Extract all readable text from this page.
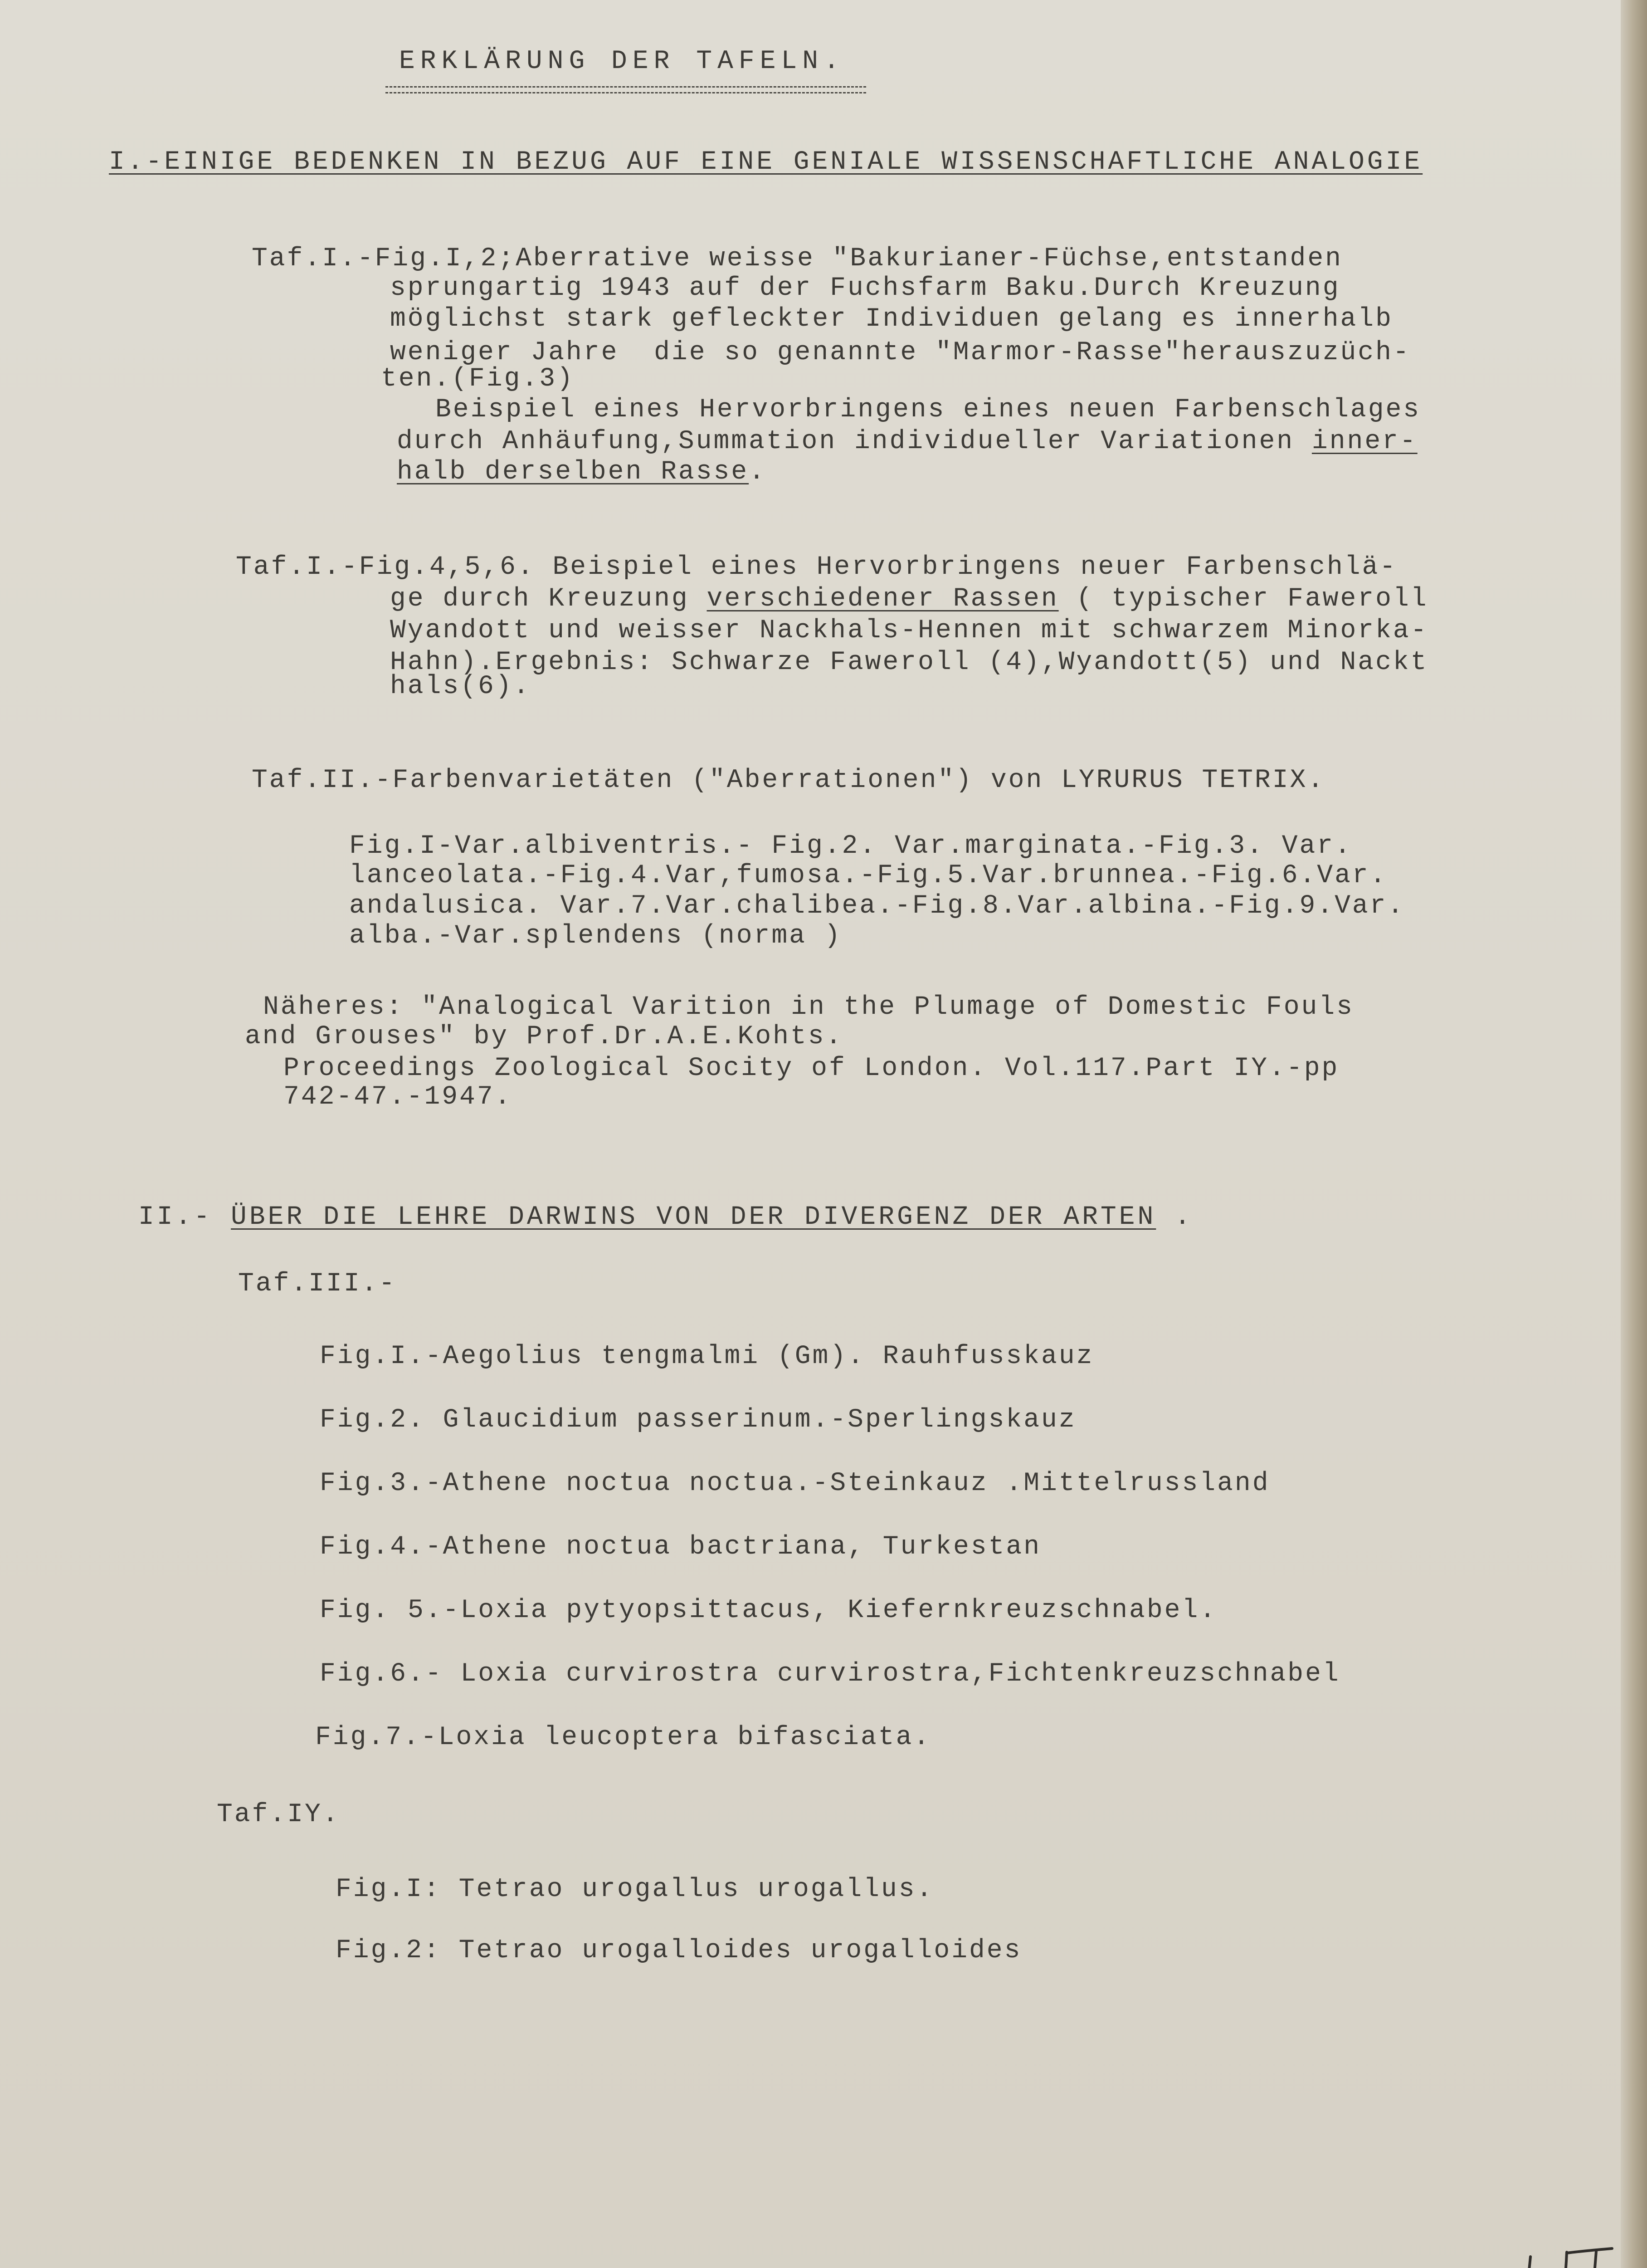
ERKLÄRUNG DER TAFELN.
I.-EINIGE BEDENKEN IN BEZUG AUF EINE GENIALE WISSENSCHAFTLICHE ANALOGIE
Taf.I.-Fig.I,2;Aberrative weisse "Bakurianer-Füchse,entstanden
sprungartig 1943 auf der Fuchsfarm Baku.Durch Kreuzung
möglichst stark gefleckter Individuen gelang es innerhalb
weniger Jahre  die so genannte "Marmor-Rasse"herauszuzüch-
ten.(Fig.3)
Beispiel eines Hervorbringens eines neuen Farbenschlages
durch Anhäufung,Summation individueller Variationen inner-
halb derselben Rasse.
Taf.I.-Fig.4,5,6. Beispiel eines Hervorbringens neuer Farbenschlä-
ge durch Kreuzung verschiedener Rassen ( typischer Faweroll
Wyandott und weisser Nackhals-Hennen mit schwarzem Minorka-
Hahn).Ergebnis: Schwarze Faweroll (4),Wyandott(5) und Nackt
hals(6).
Taf.II.-Farbenvarietäten ("Aberrationen") von LYRURUS TETRIX.
Fig.I-Var.albiventris.- Fig.2. Var.marginata.-Fig.3. Var.
lanceolata.-Fig.4.Var,fumosa.-Fig.5.Var.brunnea.-Fig.6.Var.
andalusica. Var.7.Var.chalibea.-Fig.8.Var.albina.-Fig.9.Var.
alba.-Var.splendens (norma )
Näheres: "Analogical Varition in the Plumage of Domestic Fouls
and Grouses" by Prof.Dr.A.E.Kohts.
Proceedings Zoological Socity of London. Vol.117.Part IY.-pp
742-47.-1947.
II.- ÜBER DIE LEHRE DARWINS VON DER DIVERGENZ DER ARTEN .
Taf.III.-
Fig.I.-Aegolius tengmalmi (Gm). Rauhfusskauz
Fig.2. Glaucidium passerinum.-Sperlingskauz
Fig.3.-Athene noctua noctua.-Steinkauz .Mittelrussland
Fig.4.-Athene noctua bactriana, Turkestan
Fig. 5.-Loxia pytyopsittacus, Kiefernkreuzschnabel.
Fig.6.- Loxia curvirostra curvirostra,Fichtenkreuzschnabel
Fig.7.-Loxia leucoptera bifasciata.
Taf.IY.
Fig.I: Tetrao urogallus urogallus.
Fig.2: Tetrao urogalloides urogalloides
